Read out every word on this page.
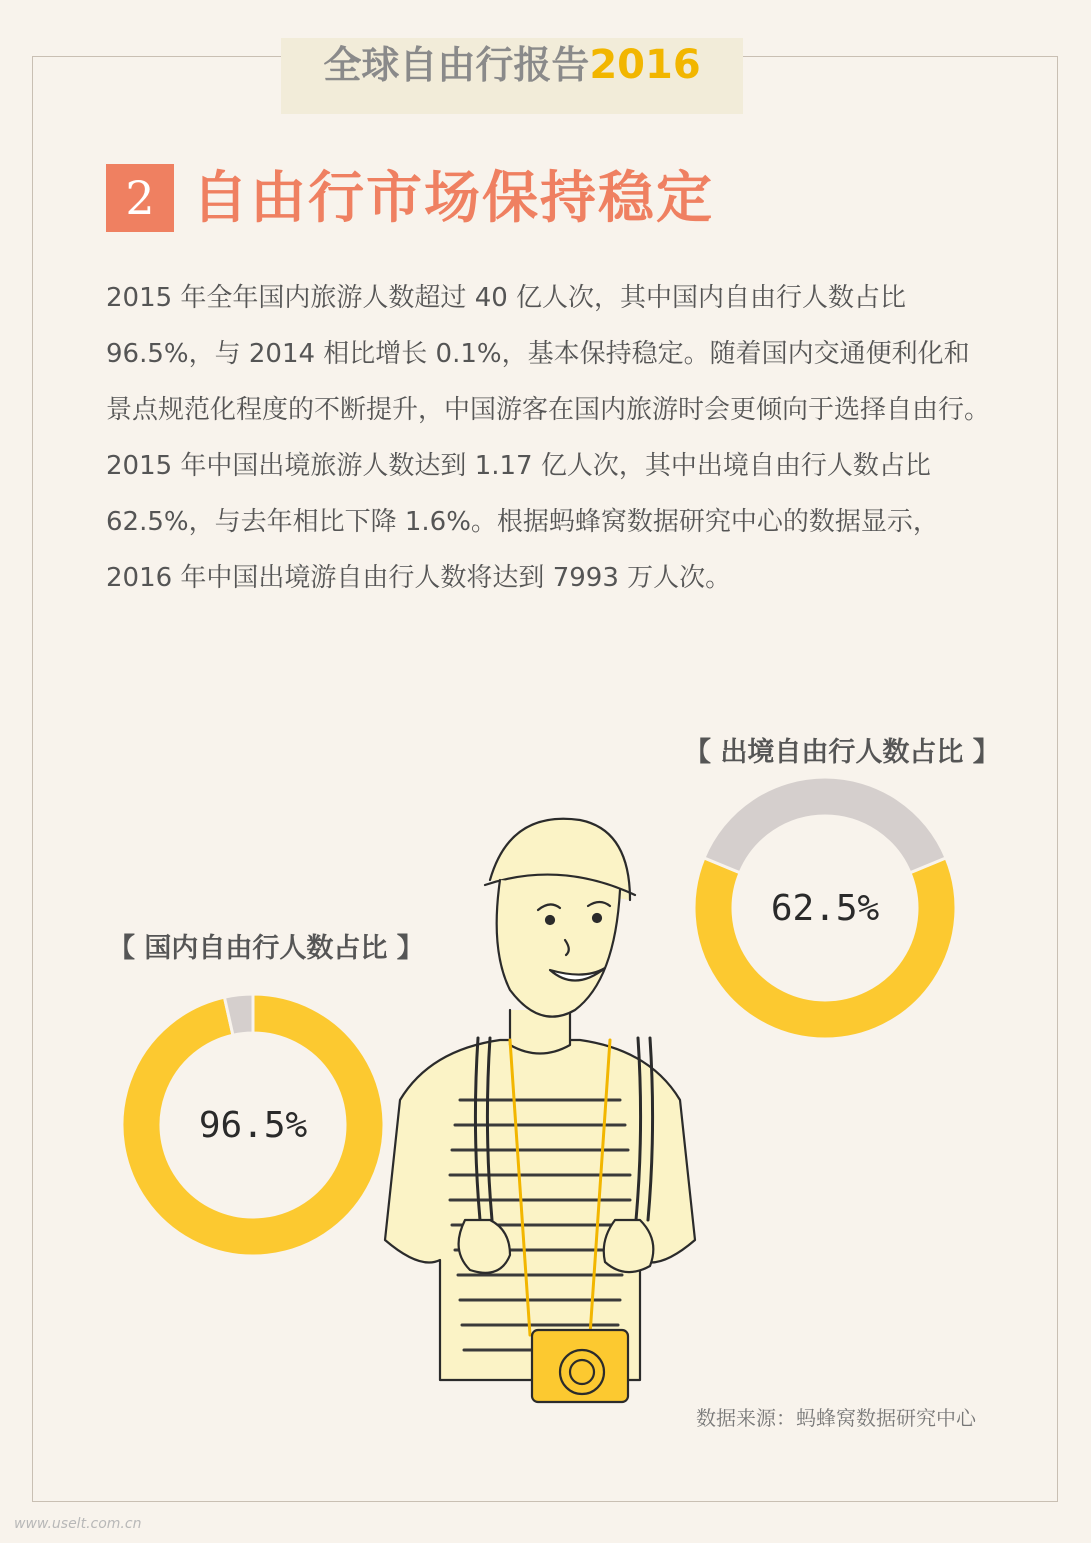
全球自由行报告2016
2 自由行市场保持稳定
2015 年全年国内旅游人数超过 40 亿人次，其中国内自由行人数占比 96.5%，与 2014 相比增长 0.1%，基本保持稳定。随着国内交通便利化和景点规范化程度的不断提升，中国游客在国内旅游时会更倾向于选择自由行。2015 年中国出境旅游人数达到 1.17 亿人次，其中出境自由行人数占比 62.5%，与去年相比下降 1.6%。根据蚂蜂窝数据研究中心的数据显示，2016 年中国出境游自由行人数将达到 7993 万人次。
【 出境自由行人数占比 】
【 国内自由行人数占比 】
62.5%
96.5%
数据来源：蚂蜂窝数据研究中心
www.uselt.com.cn
